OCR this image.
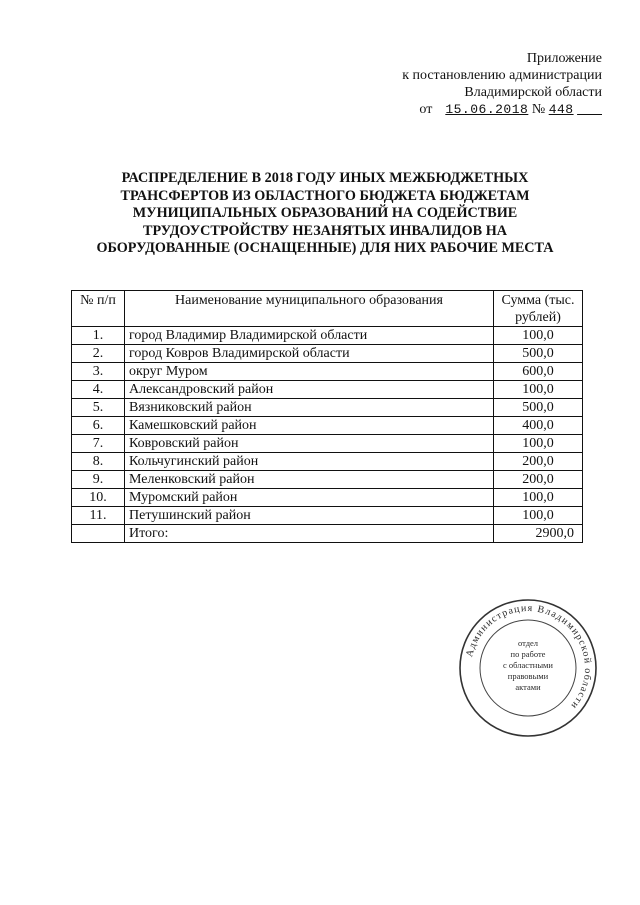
Приложение
к постановлению администрации
Владимирской области
от 15.06.2018 № 448
РАСПРЕДЕЛЕНИЕ В 2018 ГОДУ ИНЫХ МЕЖБЮДЖЕТНЫХ
ТРАНСФЕРТОВ ИЗ ОБЛАСТНОГО БЮДЖЕТА БЮДЖЕТАМ
МУНИЦИПАЛЬНЫХ ОБРАЗОВАНИЙ НА СОДЕЙСТВИЕ
ТРУДОУСТРОЙСТВУ НЕЗАНЯТЫХ ИНВАЛИДОВ НА
ОБОРУДОВАННЫЕ (ОСНАЩЕННЫЕ) ДЛЯ НИХ РАБОЧИЕ МЕСТА
№ п/п	Наименование муниципального образования	Сумма (тыс.
рублей)

1.	город Владимир Владимирской области	100,0
2.	город Ковров Владимирской области	500,0
3.	округ Муром	600,0
4.	Александровский район	100,0
5.	Вязниковский район	500,0
6.	Камешковский район	400,0
7.	Ковровский район	100,0
8.	Кольчугинский район	200,0
9.	Меленковский район	200,0
10.	Муромский район	100,0
11.	Петушинский район	100,0
	Итого:	2900,0
Администрация Владимирской области
отдел
по работе
с областными
правовыми
актами
